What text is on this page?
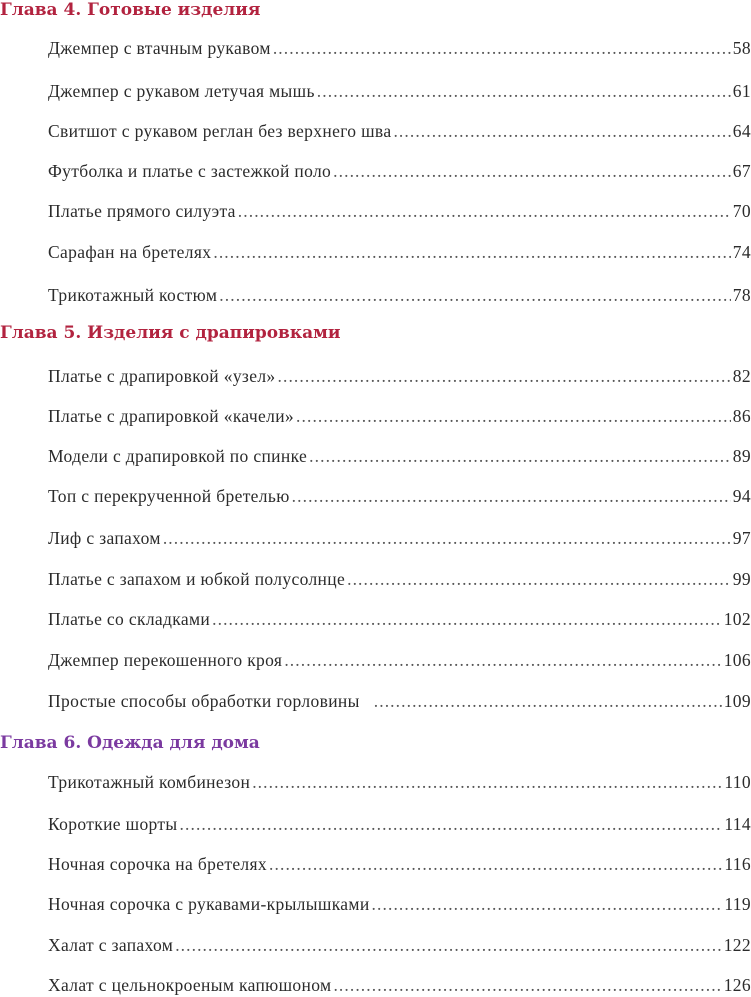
Глава 4. Готовые изделия
Джемпер с втачным рукавом .....	58
Джемпер с рукавом летучая мышь .....	61
Свитшот с рукавом реглан без верхнего шва .....	64
Футболка и платье с застежкой поло .....	67
Платье прямого силуэта .....	70
Сарафан на бретелях .....	74
Трикотажный костюм .....	78
Глава 5. Изделия с драпировками
Платье с драпировкой «узел» .....	82
Платье с драпировкой «качели» .....	86
Модели с драпировкой по спинке .....	89
Топ с перекрученной бретелью .....	94
Лиф с запахом .....	97
Платье с запахом и юбкой полусолнце .....	99
Платье со складками .....	102
Джемпер перекошенного кроя .....	106
Простые способы обработки горловины .....	109
Глава 6. Одежда для дома
Трикотажный комбинезон .....	110
Короткие шорты .....	114
Ночная сорочка на бретелях .....	116
Ночная сорочка с рукавами-крылышками .....	119
Халат с запахом .....	122
Халат с цельнокроеным капюшоном .....	126
